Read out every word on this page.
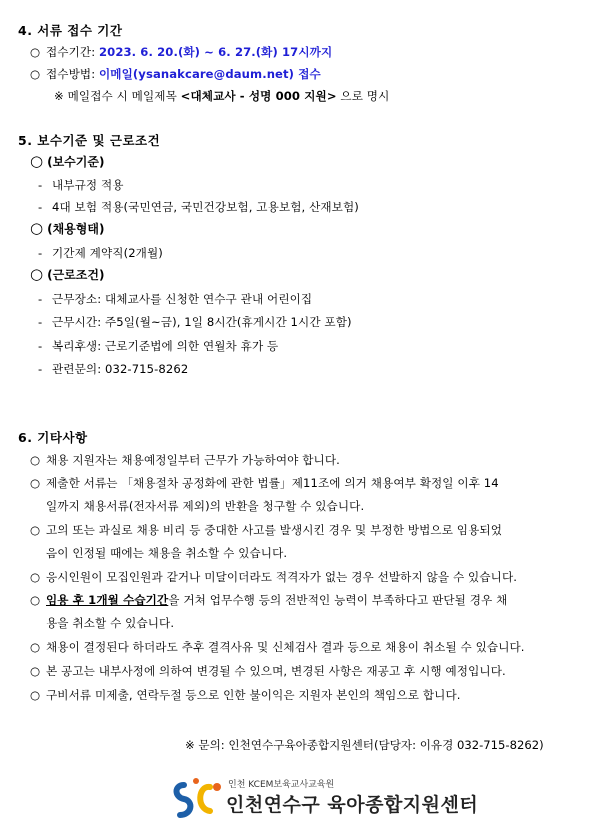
4. 서류 접수 기간
○ 접수기간: 2023. 6. 20.(화) ~ 6. 27.(화) 17시까지
○ 접수방법: 이메일(ysanakcare@daum.net) 접수
※ 메일접수 시 메일제목 <대체교사 - 성명 000 지원> 으로 명시
5. 보수기준 및 근로조건
○ (보수기준)
- 내부규정 적용
- 4대 보험 적용(국민연금, 국민건강보험, 고용보험, 산재보험)
○ (채용형태)
- 기간제 계약직(2개월)
○ (근로조건)
- 근무장소: 대체교사를 신청한 연수구 관내 어린이집
- 근무시간: 주5일(월~금), 1일 8시간(휴게시간 1시간 포함)
- 복리후생: 근로기준법에 의한 연월차 휴가 등
- 관련문의: 032-715-8262
6. 기타사항
○ 채용 지원자는 채용예정일부터 근무가 가능하여야 합니다.
○ 제출한 서류는 「채용절차 공정화에 관한 법률」제11조에 의거 채용여부 확정일 이후 14
일까지 채용서류(전자서류 제외)의 반환을 청구할 수 있습니다.
○ 고의 또는 과실로 채용 비리 등 중대한 사고를 발생시킨 경우 및 부정한 방법으로 임용되었
음이 인정될 때에는 채용을 취소할 수 있습니다.
○ 응시인원이 모집인원과 같거나 미달이더라도 적격자가 없는 경우 선발하지 않을 수 있습니다.
○ 임용 후 1개월 수습기간을 거쳐 업무수행 등의 전반적인 능력이 부족하다고 판단될 경우 채
용을 취소할 수 있습니다.
○ 채용이 결정된다 하더라도 추후 결격사유 및 신체검사 결과 등으로 채용이 취소될 수 있습니다.
○ 본 공고는 내부사정에 의하여 변경될 수 있으며, 변경된 사항은 재공고 후 시행 예정입니다.
○ 구비서류 미제출, 연락두절 등으로 인한 불이익은 지원자 본인의 책임으로 합니다.
※ 문의: 인천연수구육아종합지원센터(담당자: 이유경 032-715-8262)
인천 KCEM보육교사교육원
인천연수구 육아종합지원센터
